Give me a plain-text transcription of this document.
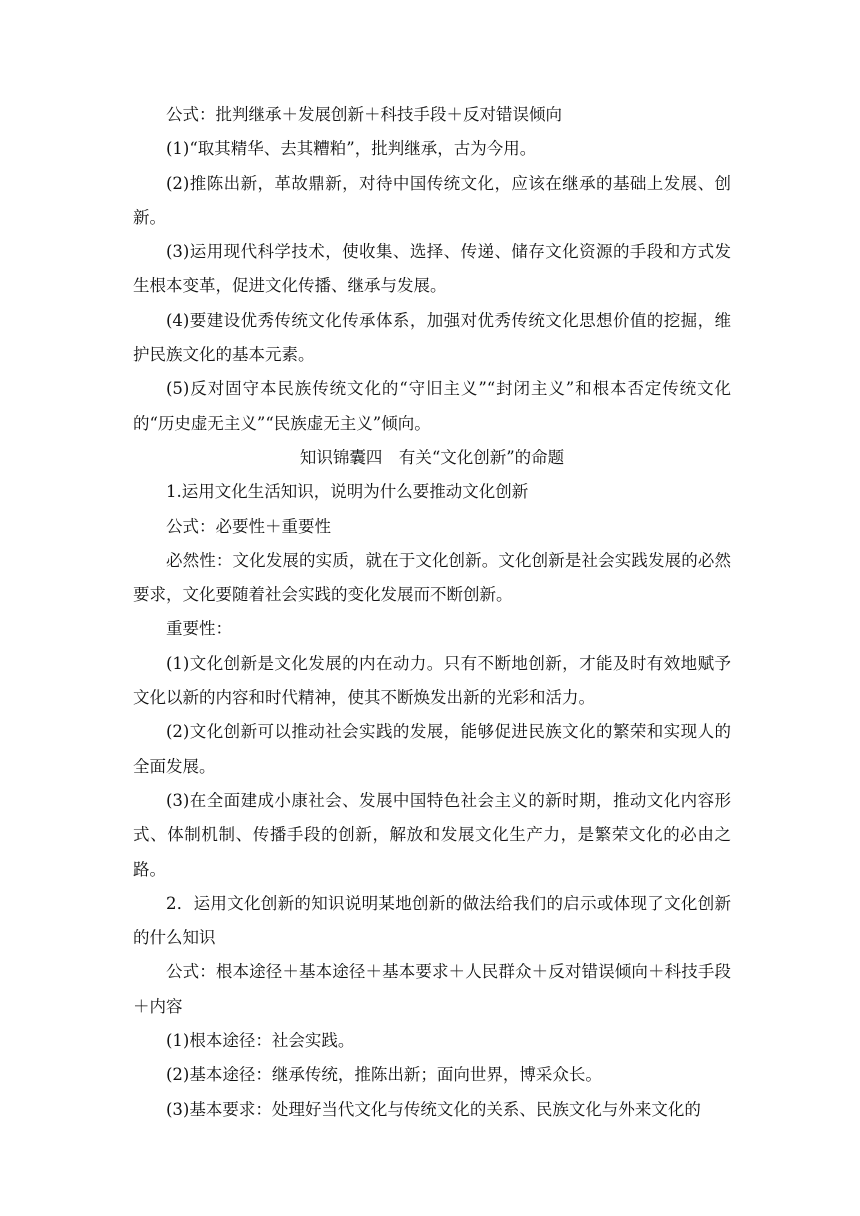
公式：批判继承＋发展创新＋科技手段＋反对错误倾向

(1)“取其精华、去其糟粕”，批判继承，古为今用。

(2)推陈出新，革故鼎新，对待中国传统文化，应该在继承的基础上发展、创新。

(3)运用现代科学技术，使收集、选择、传递、储存文化资源的手段和方式发生根本变革，促进文化传播、继承与发展。

(4)要建设优秀传统文化传承体系，加强对优秀传统文化思想价值的挖掘，维护民族文化的基本元素。

(5)反对固守本民族传统文化的“守旧主义”“封闭主义”和根本否定传统文化的“历史虚无主义”“民族虚无主义”倾向。

知识锦囊四　有关“文化创新”的命题

1.运用文化生活知识，说明为什么要推动文化创新

公式：必要性＋重要性

必然性：文化发展的实质，就在于文化创新。文化创新是社会实践发展的必然要求，文化要随着社会实践的变化发展而不断创新。

重要性：

(1)文化创新是文化发展的内在动力。只有不断地创新，才能及时有效地赋予文化以新的内容和时代精神，使其不断焕发出新的光彩和活力。

(2)文化创新可以推动社会实践的发展，能够促进民族文化的繁荣和实现人的全面发展。

(3)在全面建成小康社会、发展中国特色社会主义的新时期，推动文化内容形式、体制机制、传播手段的创新，解放和发展文化生产力，是繁荣文化的必由之路。

2．运用文化创新的知识说明某地创新的做法给我们的启示或体现了文化创新的什么知识

公式：根本途径＋基本途径＋基本要求＋人民群众＋反对错误倾向＋科技手段＋内容

(1)根本途径：社会实践。

(2)基本途径：继承传统，推陈出新；面向世界，博采众长。

(3)基本要求：处理好当代文化与传统文化的关系、民族文化与外来文化的
